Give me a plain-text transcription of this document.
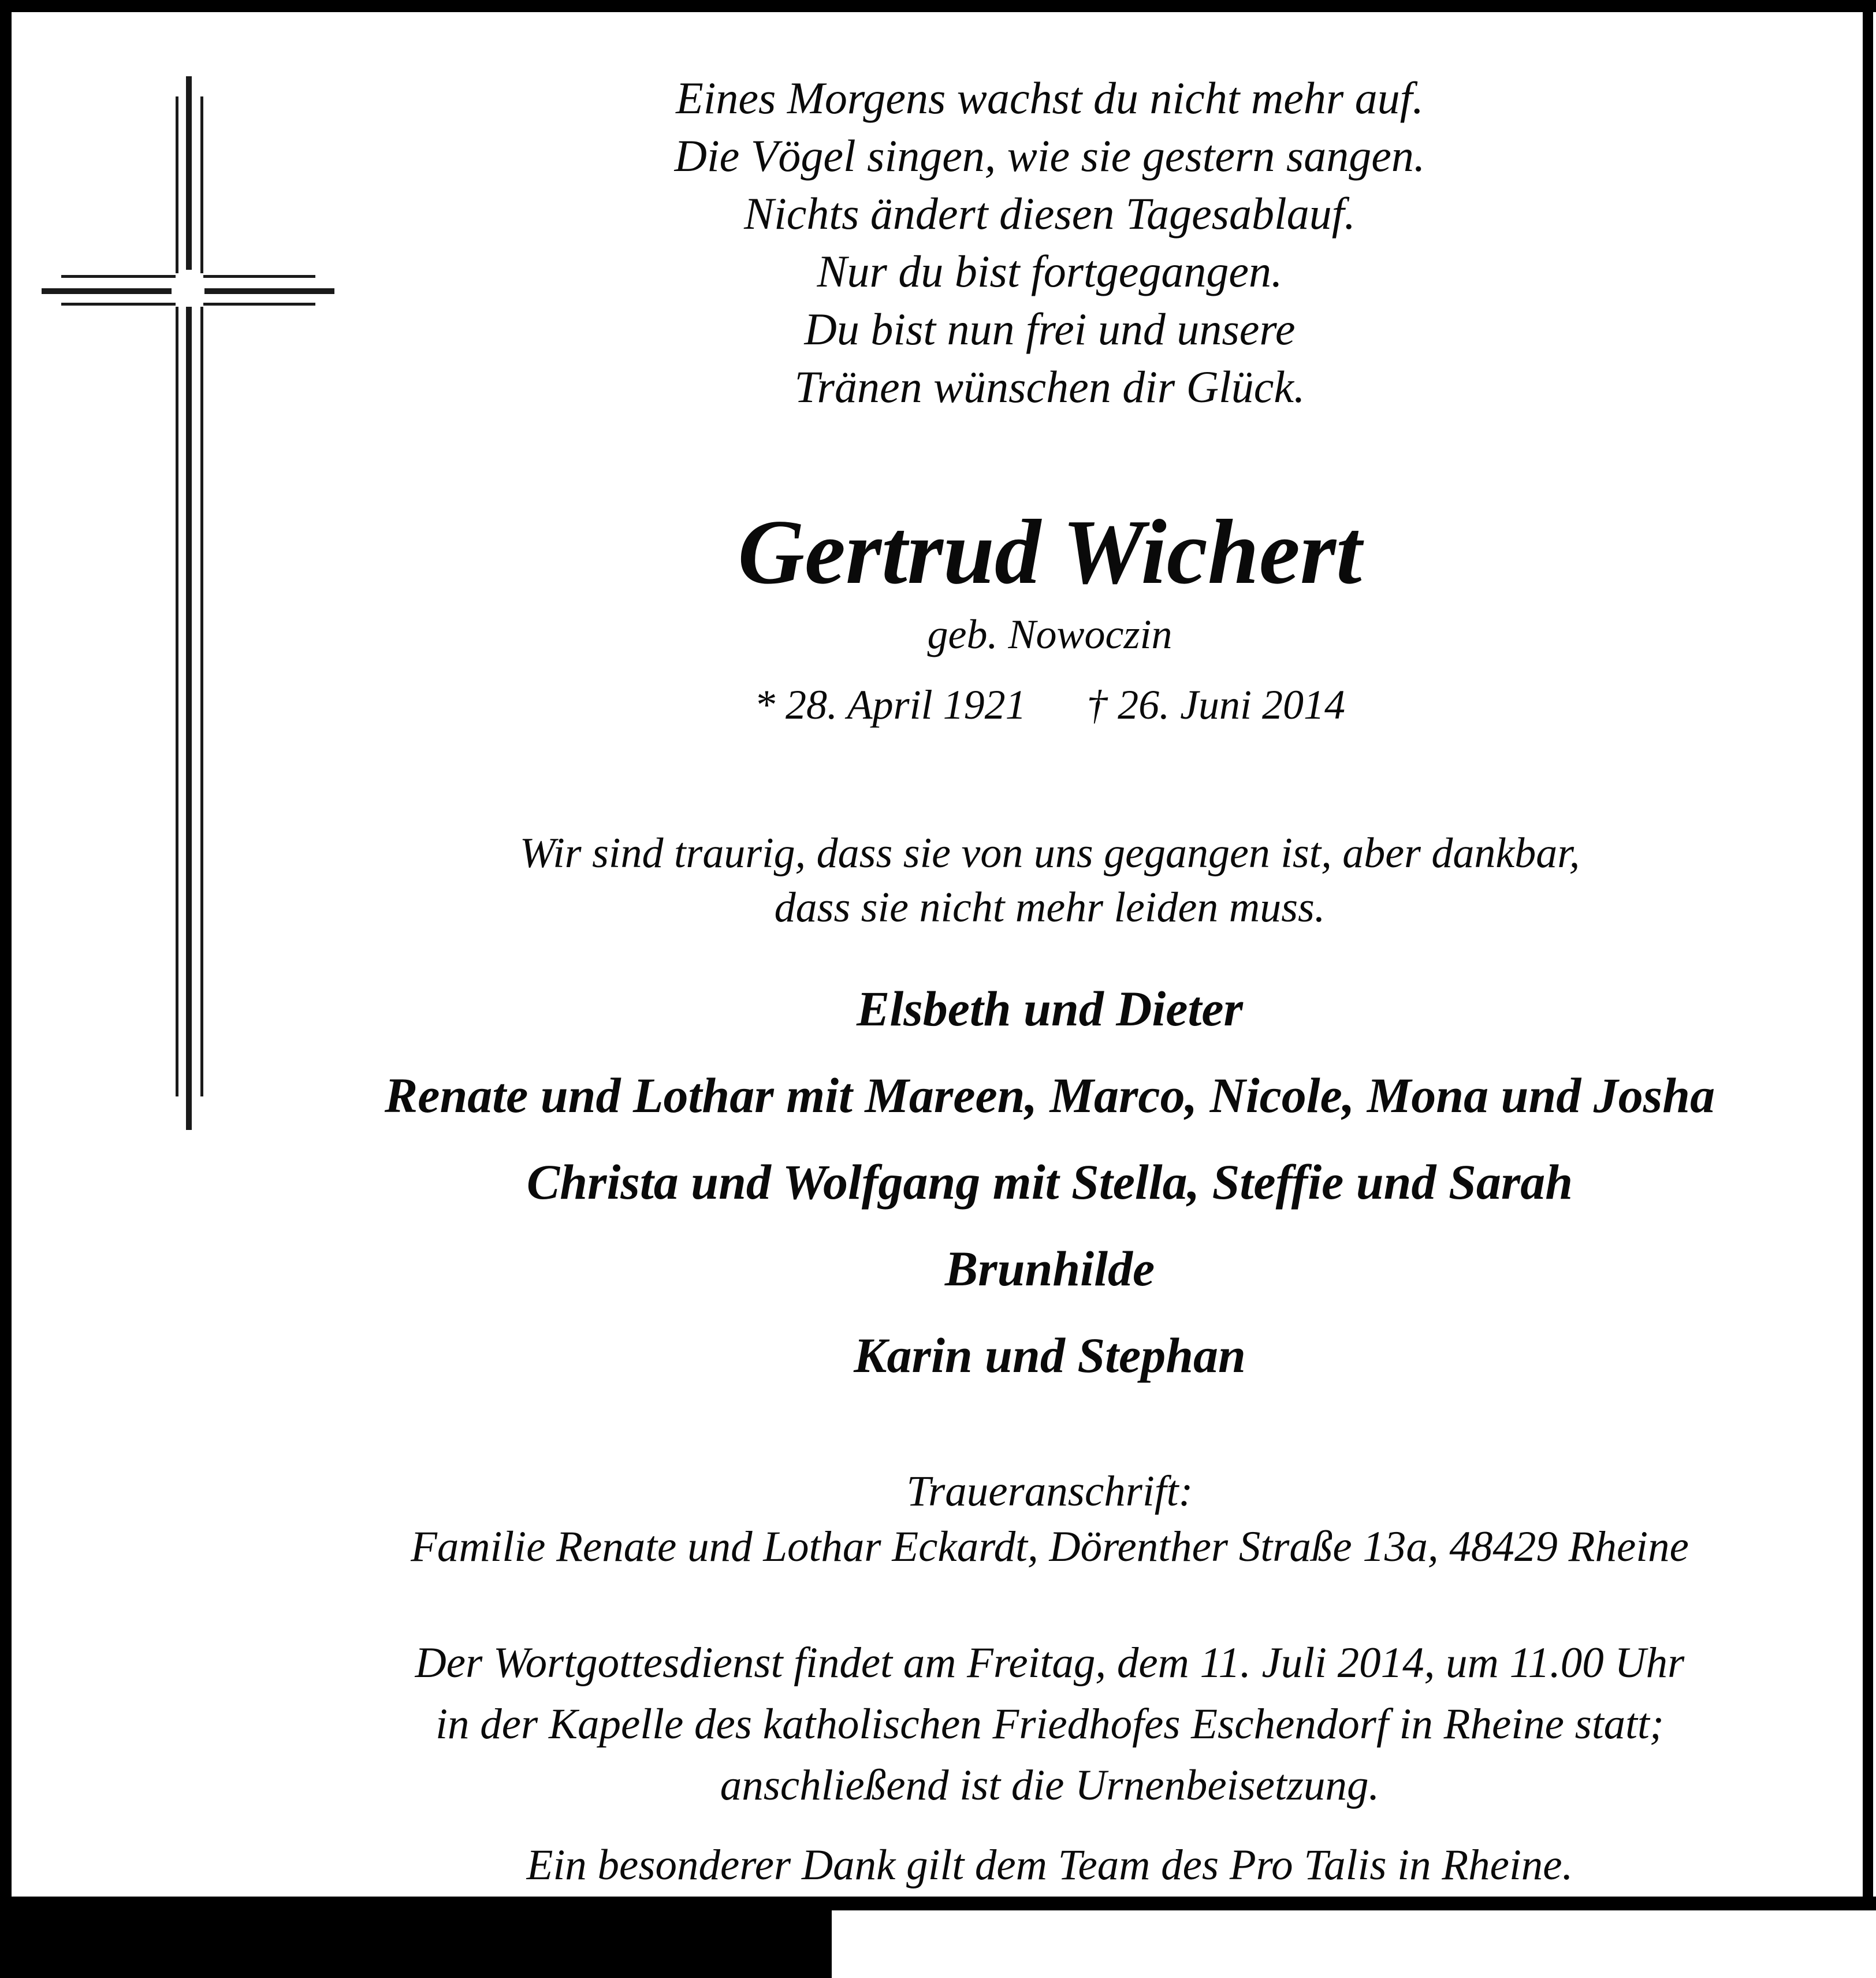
Eines Morgens wachst du nicht mehr auf.
Die Vögel singen, wie sie gestern sangen.
Nichts ändert diesen Tagesablauf.
Nur du bist fortgegangen.
Du bist nun frei und unsere
Tränen wünschen dir Glück.
Gertrud Wichert
geb. Nowoczin
* 28. April 1921 † 26. Juni 2014
Wir sind traurig, dass sie von uns gegangen ist, aber dankbar,
dass sie nicht mehr leiden muss.
Elsbeth und Dieter
Renate und Lothar mit Mareen, Marco, Nicole, Mona und Josha
Christa und Wolfgang mit Stella, Steffie und Sarah
Brunhilde
Karin und Stephan
Traueranschrift:
Familie Renate und Lothar Eckardt, Dörenther Straße 13a, 48429 Rheine
Der Wortgottesdienst findet am Freitag, dem 11. Juli 2014, um 11.00 Uhr
in der Kapelle des katholischen Friedhofes Eschendorf in Rheine statt;
anschließend ist die Urnenbeisetzung.
Ein besonderer Dank gilt dem Team des Pro Talis in Rheine.
